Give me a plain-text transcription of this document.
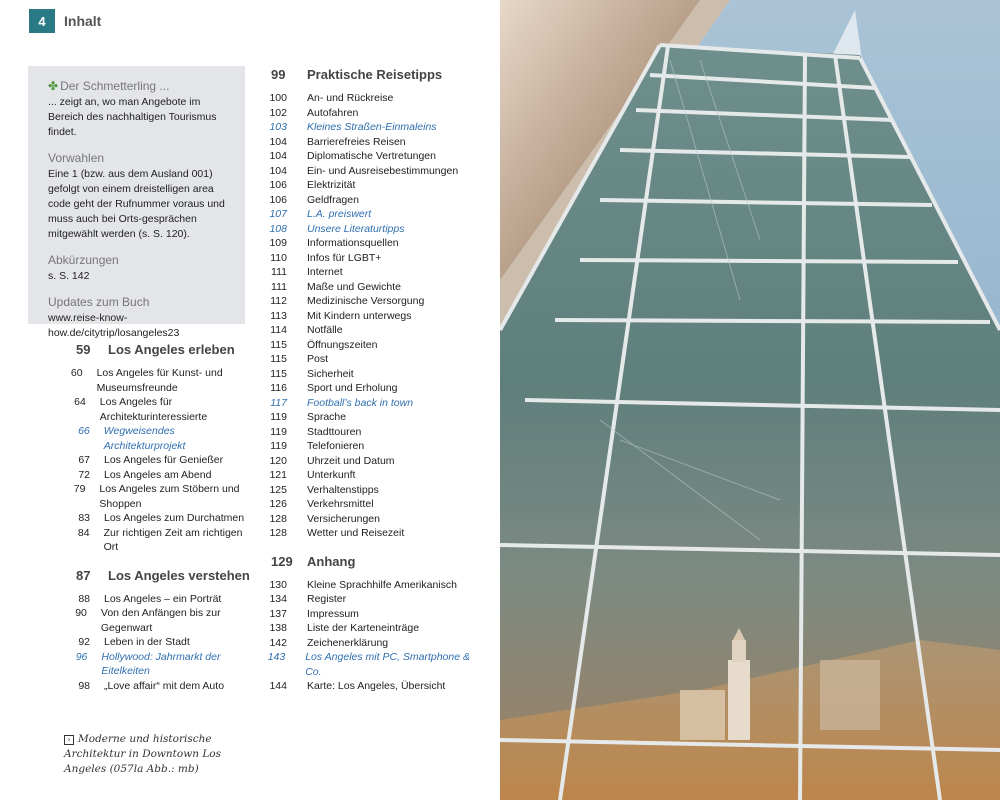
4	Inhalt
✤ Der Schmetterling ...
... zeigt an, wo man Angebote im Bereich des nachhaltigen Tourismus findet.
Vorwahlen
Eine 1 (bzw. aus dem Ausland 001) gefolgt von einem dreistelligen area code geht der Rufnummer voraus und muss auch bei Orts-gesprächen mitgewählt werden (s. S. 120).
Abkürzungen
s. S. 142
Updates zum Buch
www.reise-know-how.de/citytrip/losangeles23
59	Los Angeles erleben
60	Los Angeles für Kunst- und Museumsfreunde
64	Los Angeles für Architekturinteressierte
66	Wegweisendes Architekturprojekt
67	Los Angeles für Genießer
72	Los Angeles am Abend
79	Los Angeles zum Stöbern und Shoppen
83	Los Angeles zum Durchatmen
84	Zur richtigen Zeit am richtigen Ort
87	Los Angeles verstehen
88	Los Angeles – ein Porträt
90	Von den Anfängen bis zur Gegenwart
92	Leben in der Stadt
96	Hollywood: Jahrmarkt der Eitelkeiten
98	„Love affair“ mit dem Auto
99	Praktische Reisetipps
100	An- und Rückreise
102	Autofahren
103	Kleines Straßen-Einmaleins
104	Barrierefreies Reisen
104	Diplomatische Vertretungen
104	Ein- und Ausreisebestimmungen
106	Elektrizität
106	Geldfragen
107	L.A. preiswert
108	Unsere Literaturtipps
109	Informationsquellen
110	Infos für LGBT+
111	Internet
111	Maße und Gewichte
112	Medizinische Versorgung
113	Mit Kindern unterwegs
114	Notfälle
115	Öffnungszeiten
115	Post
115	Sicherheit
116	Sport und Erholung
117	Football’s back in town
119	Sprache
119	Stadttouren
119	Telefonieren
120	Uhrzeit und Datum
121	Unterkunft
125	Verhaltenstipps
126	Verkehrsmittel
128	Versicherungen
128	Wetter und Reisezeit
129	Anhang
130	Kleine Sprachhilfe Amerikanisch
134	Register
137	Impressum
138	Liste der Karteneinträge
142	Zeichenerklärung
143	Los Angeles mit PC, Smartphone & Co.
144	Karte: Los Angeles, Übersicht
› Moderne und historische Architektur in Downtown Los Angeles (057la Abb.: mb)
